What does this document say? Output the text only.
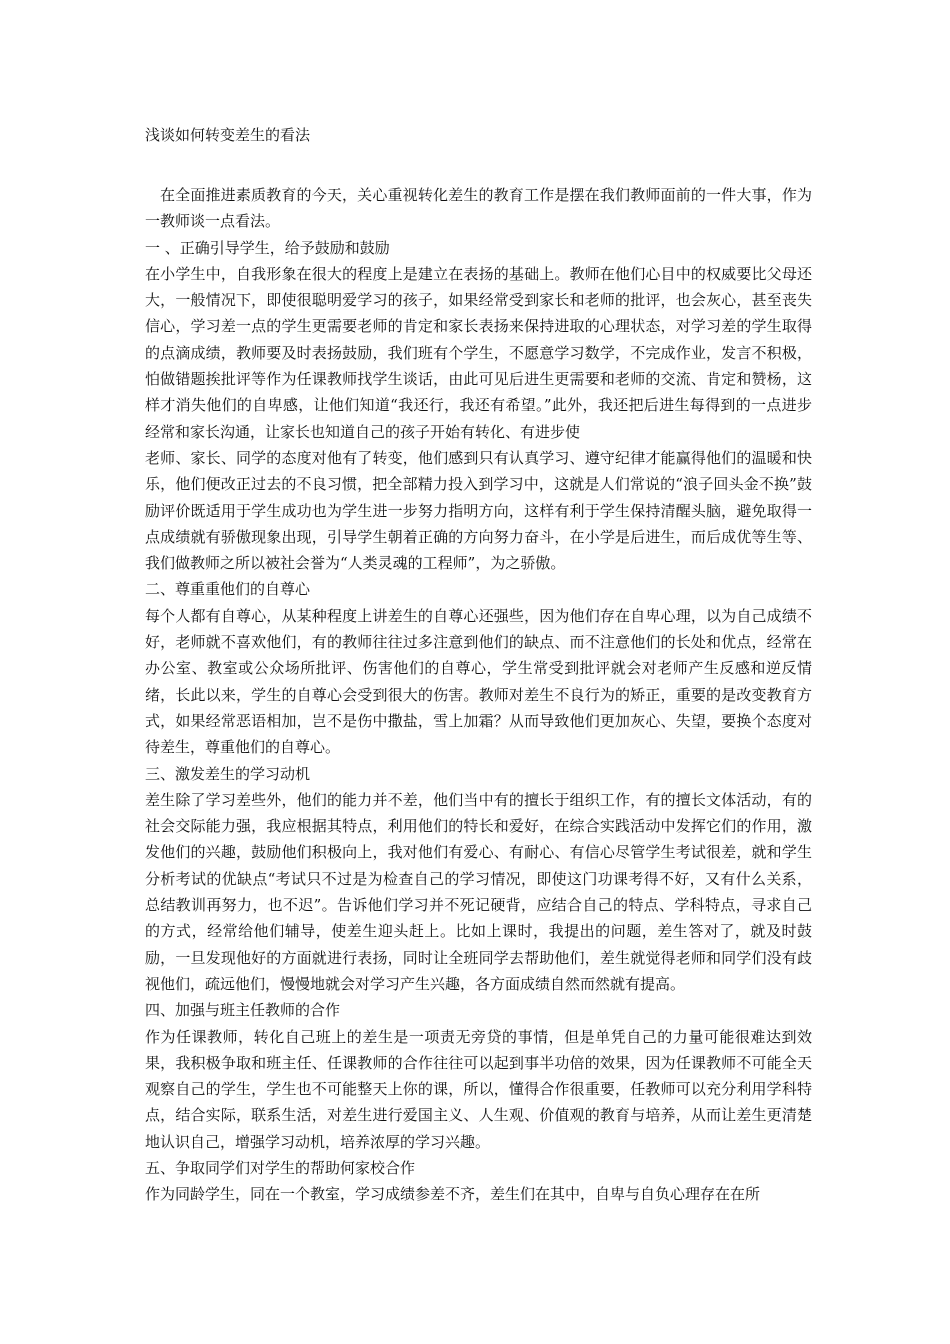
浅谈如何转变差生的看法

在全面推进素质教育的今天，关心重视转化差生的教育工作是摆在我们教师面前的一件大事，作为一教师谈一点看法。

一 、正确引导学生，给予鼓励和鼓励

在小学生中，自我形象在很大的程度上是建立在表扬的基础上。教师在他们心目中的权威要比父母还大，一般情况下，即使很聪明爱学习的孩子，如果经常受到家长和老师的批评，也会灰心，甚至丧失信心，学习差一点的学生更需要老师的肯定和家长表扬来保持进取的心理状态，对学习差的学生取得的点滴成绩，教师要及时表扬鼓励，我们班有个学生，不愿意学习数学，不完成作业，发言不积极，怕做错题挨批评等作为任课教师找学生谈话，由此可见后进生更需要和老师的交流、肯定和赞杨，这样才消失他们的自卑感，让他们知道“我还行，我还有希望。”此外，我还把后进生每得到的一点进步经常和家长沟通，让家长也知道自己的孩子开始有转化、有进步使

老师、家长、同学的态度对他有了转变，他们感到只有认真学习、遵守纪律才能赢得他们的温暖和快乐，他们便改正过去的不良习惯，把全部精力投入到学习中，这就是人们常说的“浪子回头金不换”鼓励评价既适用于学生成功也为学生进一步努力指明方向，这样有利于学生保持清醒头脑，避免取得一点成绩就有骄傲现象出现，引导学生朝着正确的方向努力奋斗，在小学是后进生，而后成优等生等、我们做教师之所以被社会誉为“人类灵魂的工程师”，为之骄傲。

二、尊重重他们的自尊心

每个人都有自尊心，从某种程度上讲差生的自尊心还强些，因为他们存在自卑心理，以为自己成绩不好，老师就不喜欢他们，有的教师往往过多注意到他们的缺点、而不注意他们的长处和优点，经常在办公室、教室或公众场所批评、伤害他们的自尊心，学生常受到批评就会对老师产生反感和逆反情绪，长此以来，学生的自尊心会受到很大的伤害。教师对差生不良行为的矫正，重要的是改变教育方式，如果经常恶语相加，岂不是伤中撒盐，雪上加霜？从而导致他们更加灰心、失望，要换个态度对待差生，尊重他们的自尊心。

三、激发差生的学习动机

差生除了学习差些外，他们的能力并不差，他们当中有的擅长于组织工作，有的擅长文体活动，有的社会交际能力强，我应根据其特点，利用他们的特长和爱好，在综合实践活动中发挥它们的作用，激发他们的兴趣，鼓励他们积极向上，我对他们有爱心、有耐心、有信心尽管学生考试很差，就和学生分析考试的优缺点“考试只不过是为检查自己的学习情况，即使这门功课考得不好，又有什么关系，总结教训再努力，也不迟”。告诉他们学习并不死记硬背，应结合自己的特点、学科特点，寻求自己的方式，经常给他们辅导，使差生迎头赶上。比如上课时，我提出的问题，差生答对了，就及时鼓励，一旦发现他好的方面就进行表扬，同时让全班同学去帮助他们，差生就觉得老师和同学们没有歧视他们，疏远他们，慢慢地就会对学习产生兴趣，各方面成绩自然而然就有提高。

四、加强与班主任教师的合作

作为任课教师，转化自己班上的差生是一项责无旁贷的事情，但是单凭自己的力量可能很难达到效果，我积极争取和班主任、任课教师的合作往往可以起到事半功倍的效果，因为任课教师不可能全天观察自己的学生，学生也不可能整天上你的课，所以，懂得合作很重要，任教师可以充分利用学科特点，结合实际，联系生活，对差生进行爱国主义、人生观、价值观的教育与培养，从而让差生更清楚地认识自己，增强学习动机，培养浓厚的学习兴趣。

五、争取同学们对学生的帮助何家校合作

作为同龄学生，同在一个教室，学习成绩参差不齐，差生们在其中，自卑与自负心理存在在所
